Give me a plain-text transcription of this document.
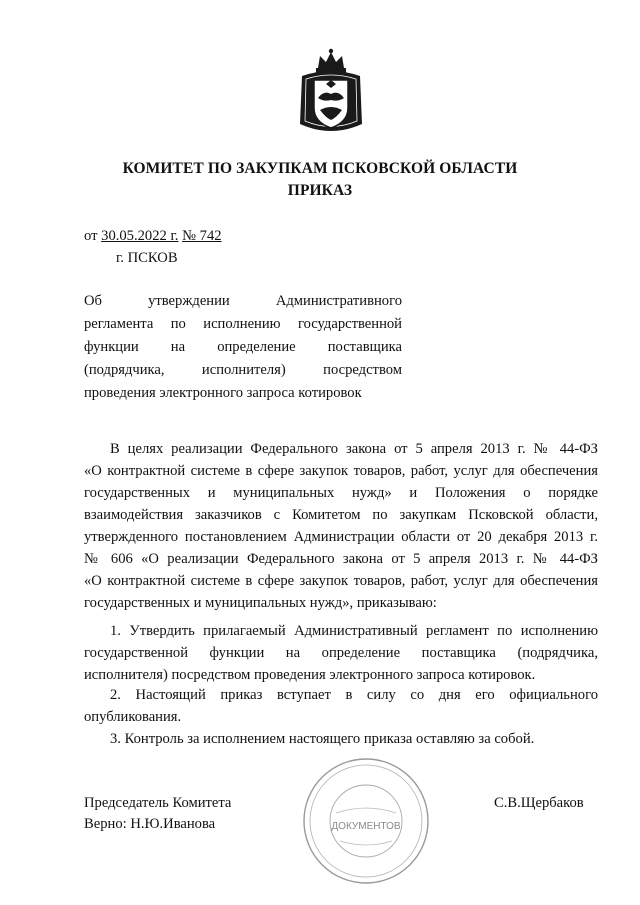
КОМИТЕТ ПО ЗАКУПКАМ ПСКОВСКОЙ ОБЛАСТИ
ПРИКАЗ
от 30.05.2022 г. № 742
г. ПСКОВ
Об утверждении Административного
регламента по исполнению государственной
функции на определение поставщика
(подрядчика, исполнителя) посредством
проведения электронного запроса котировок
В целях реализации Федерального закона от 5 апреля 2013 г. № 44-ФЗ
«О контрактной системе в сфере закупок товаров, работ, услуг для обеспечения
государственных и муниципальных нужд» и Положения о порядке
взаимодействия заказчиков с Комитетом по закупкам Псковской области,
утвержденного постановлением Администрации области от 20 декабря 2013 г.
№ 606 «О реализации Федерального закона от 5 апреля 2013 г. № 44-ФЗ
«О контрактной системе в сфере закупок товаров, работ, услуг для обеспечения
государственных и муниципальных нужд», приказываю:
1. Утвердить прилагаемый Административный регламент по исполнению
государственной функции на определение поставщика (подрядчика,
исполнителя) посредством проведения электронного запроса котировок.
2. Настоящий приказ вступает в силу со дня его официального
опубликования.
3. Контроль за исполнением настоящего приказа оставляю за собой.
Председатель Комитета	С.В.Щербаков
Верно: Н.Ю.Иванова	ДОКУМЕНТОВ
